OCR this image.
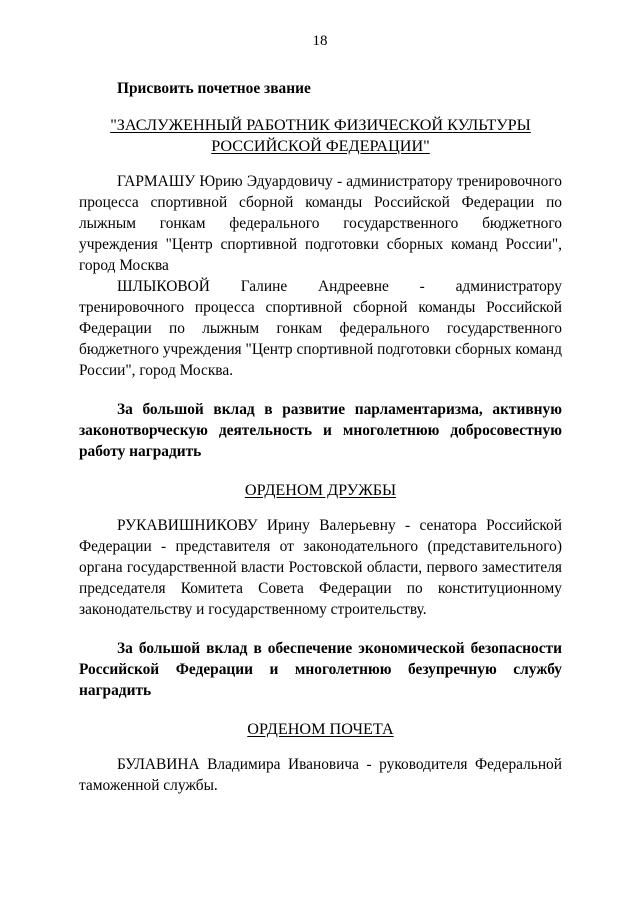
18

Присвоить почетное звание

"ЗАСЛУЖЕННЫЙ РАБОТНИК ФИЗИЧЕСКОЙ КУЛЬТУРЫ
РОССИЙСКОЙ ФЕДЕРАЦИИ"

ГАРМАШУ Юрию Эдуардовичу - администратору тренировочного процесса спортивной сборной команды Российской Федерации по лыжным гонкам федерального государственного бюджетного учреждения "Центр спортивной подготовки сборных команд России", город Москва

ШЛЫКОВОЙ Галине Андреевне - администратору тренировочного процесса спортивной сборной команды Российской Федерации по лыжным гонкам федерального государственного бюджетного учреждения "Центр спортивной подготовки сборных команд России", город Москва.

За большой вклад в развитие парламентаризма, активную законотворческую деятельность и многолетнюю добросовестную работу наградить

ОРДЕНОМ ДРУЖБЫ

РУКАВИШНИКОВУ Ирину Валерьевну - сенатора Российской Федерации - представителя от законодательного (представительного) органа государственной власти Ростовской области, первого заместителя председателя Комитета Совета Федерации по конституционному законодательству и государственному строительству.

За большой вклад в обеспечение экономической безопасности Российской Федерации и многолетнюю безупречную службу наградить

ОРДЕНОМ ПОЧЕТА

БУЛАВИНА Владимира Ивановича - руководителя Федеральной таможенной службы.
